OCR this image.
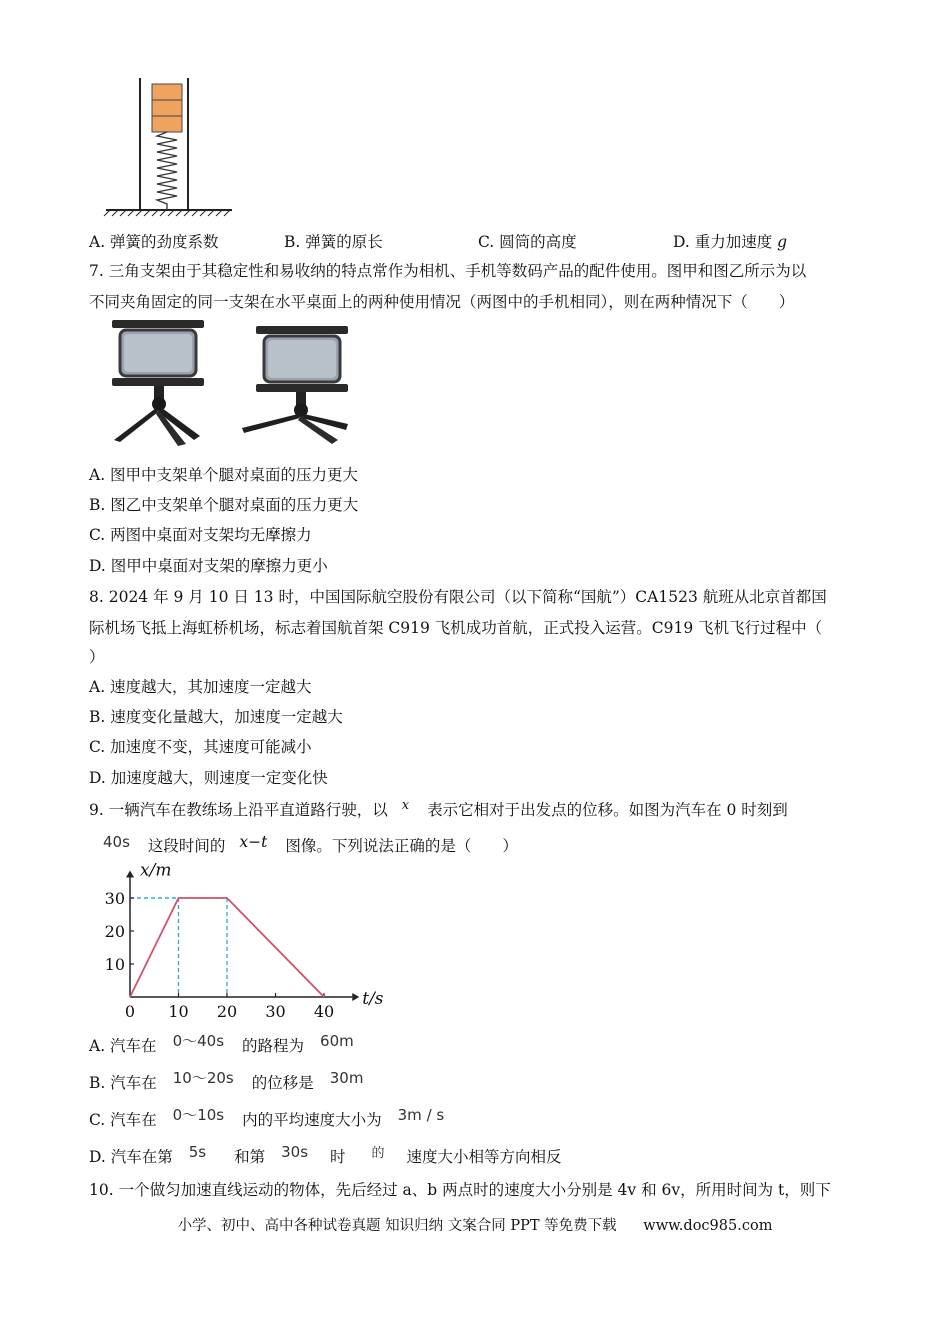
A. 弹簧的劲度系数	B. 弹簧的原长	C. 圆筒的高度	D. 重力加速度 g
7. 三角支架由于其稳定性和易收纳的特点常作为相机、手机等数码产品的配件使用。图甲和图乙所示为以
不同夹角固定的同一支架在水平桌面上的两种使用情况（两图中的手机相同），则在两种情况下（　　）
A. 图甲中支架单个腿对桌面的压力更大
B. 图乙中支架单个腿对桌面的压力更大
C. 两图中桌面对支架均无摩擦力
D. 图甲中桌面对支架的摩擦力更小
8. 2024 年 9 月 10 日 13 时，中国国际航空股份有限公司（以下简称“国航”）CA1523 航班从北京首都国
际机场飞抵上海虹桥机场，标志着国航首架 C919 飞机成功首航，正式投入运营。C919 飞机飞行过程中（
）
A. 速度越大，其加速度一定越大
B. 速度变化量越大，加速度一定越大
C. 加速度不变，其速度可能减小
D. 加速度越大，则速度一定变化快
9. 一辆汽车在教练场上沿平直道路行驶，以 $^x$ 表示它相对于出发点的位移。如图为汽车在 0 时刻到
40s 这段时间的 x−t 图像。下列说法正确的是（　　）
x/m
t/s
0 10 20 30 40
10
20
30
A. 汽车在 0～40s 的路程为 60m
B. 汽车在 10～20s 的位移是 30m
C. 汽车在 0～10s 内的平均速度大小为 3m / s
D. 汽车在第 5s 和第 30s 时 $^的$ 速度大小相等方向相反
10. 一个做匀加速直线运动的物体，先后经过 a、b 两点时的速度大小分别是 4v 和 6v，所用时间为 t，则下
小学、初中、高中各种试卷真题 知识归纳 文案合同 PPT 等免费下载 www.doc985.com
